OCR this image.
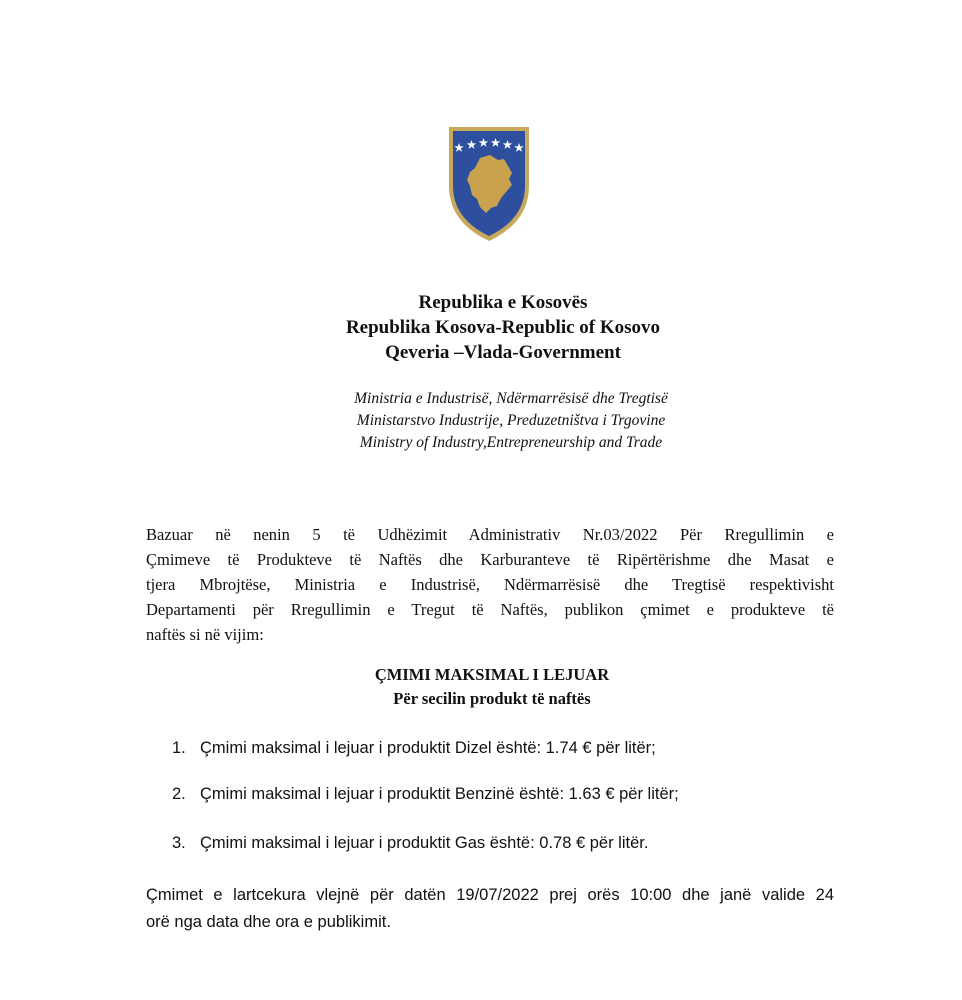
Republika e Kosovës
Republika Kosova-Republic of Kosovo
Qeveria –Vlada-Government
Ministria e Industrisë, Ndërmarrësisë dhe Tregtisë
Ministarstvo Industrije, Preduzetništva i Trgovine
Ministry of Industry,Entrepreneurship and Trade
Bazuar në nenin 5 të Udhëzimit Administrativ Nr.03/2022 Për Rregullimin e
Çmimeve të Produkteve të Naftës dhe Karburanteve të Ripërtërishme dhe Masat e
tjera Mbrojtëse, Ministria e Industrisë, Ndërmarrësisë dhe Tregtisë respektivisht
Departamenti për Rregullimin e Tregut të Naftës, publikon çmimet e produkteve të
naftës si në vijim:
ÇMIMI MAKSIMAL I LEJUAR
Për secilin produkt të naftës
1. Çmimi maksimal i lejuar i produktit Dizel është: 1.74 € për litër;
2. Çmimi maksimal i lejuar i produktit Benzinë është: 1.63 € për litër;
3. Çmimi maksimal i lejuar i produktit Gas është: 0.78 € për litër.
Çmimet e lartcekura vlejnë për datën 19/07/2022 prej orës 10:00 dhe janë valide 24
orë nga data dhe ora e publikimit.
